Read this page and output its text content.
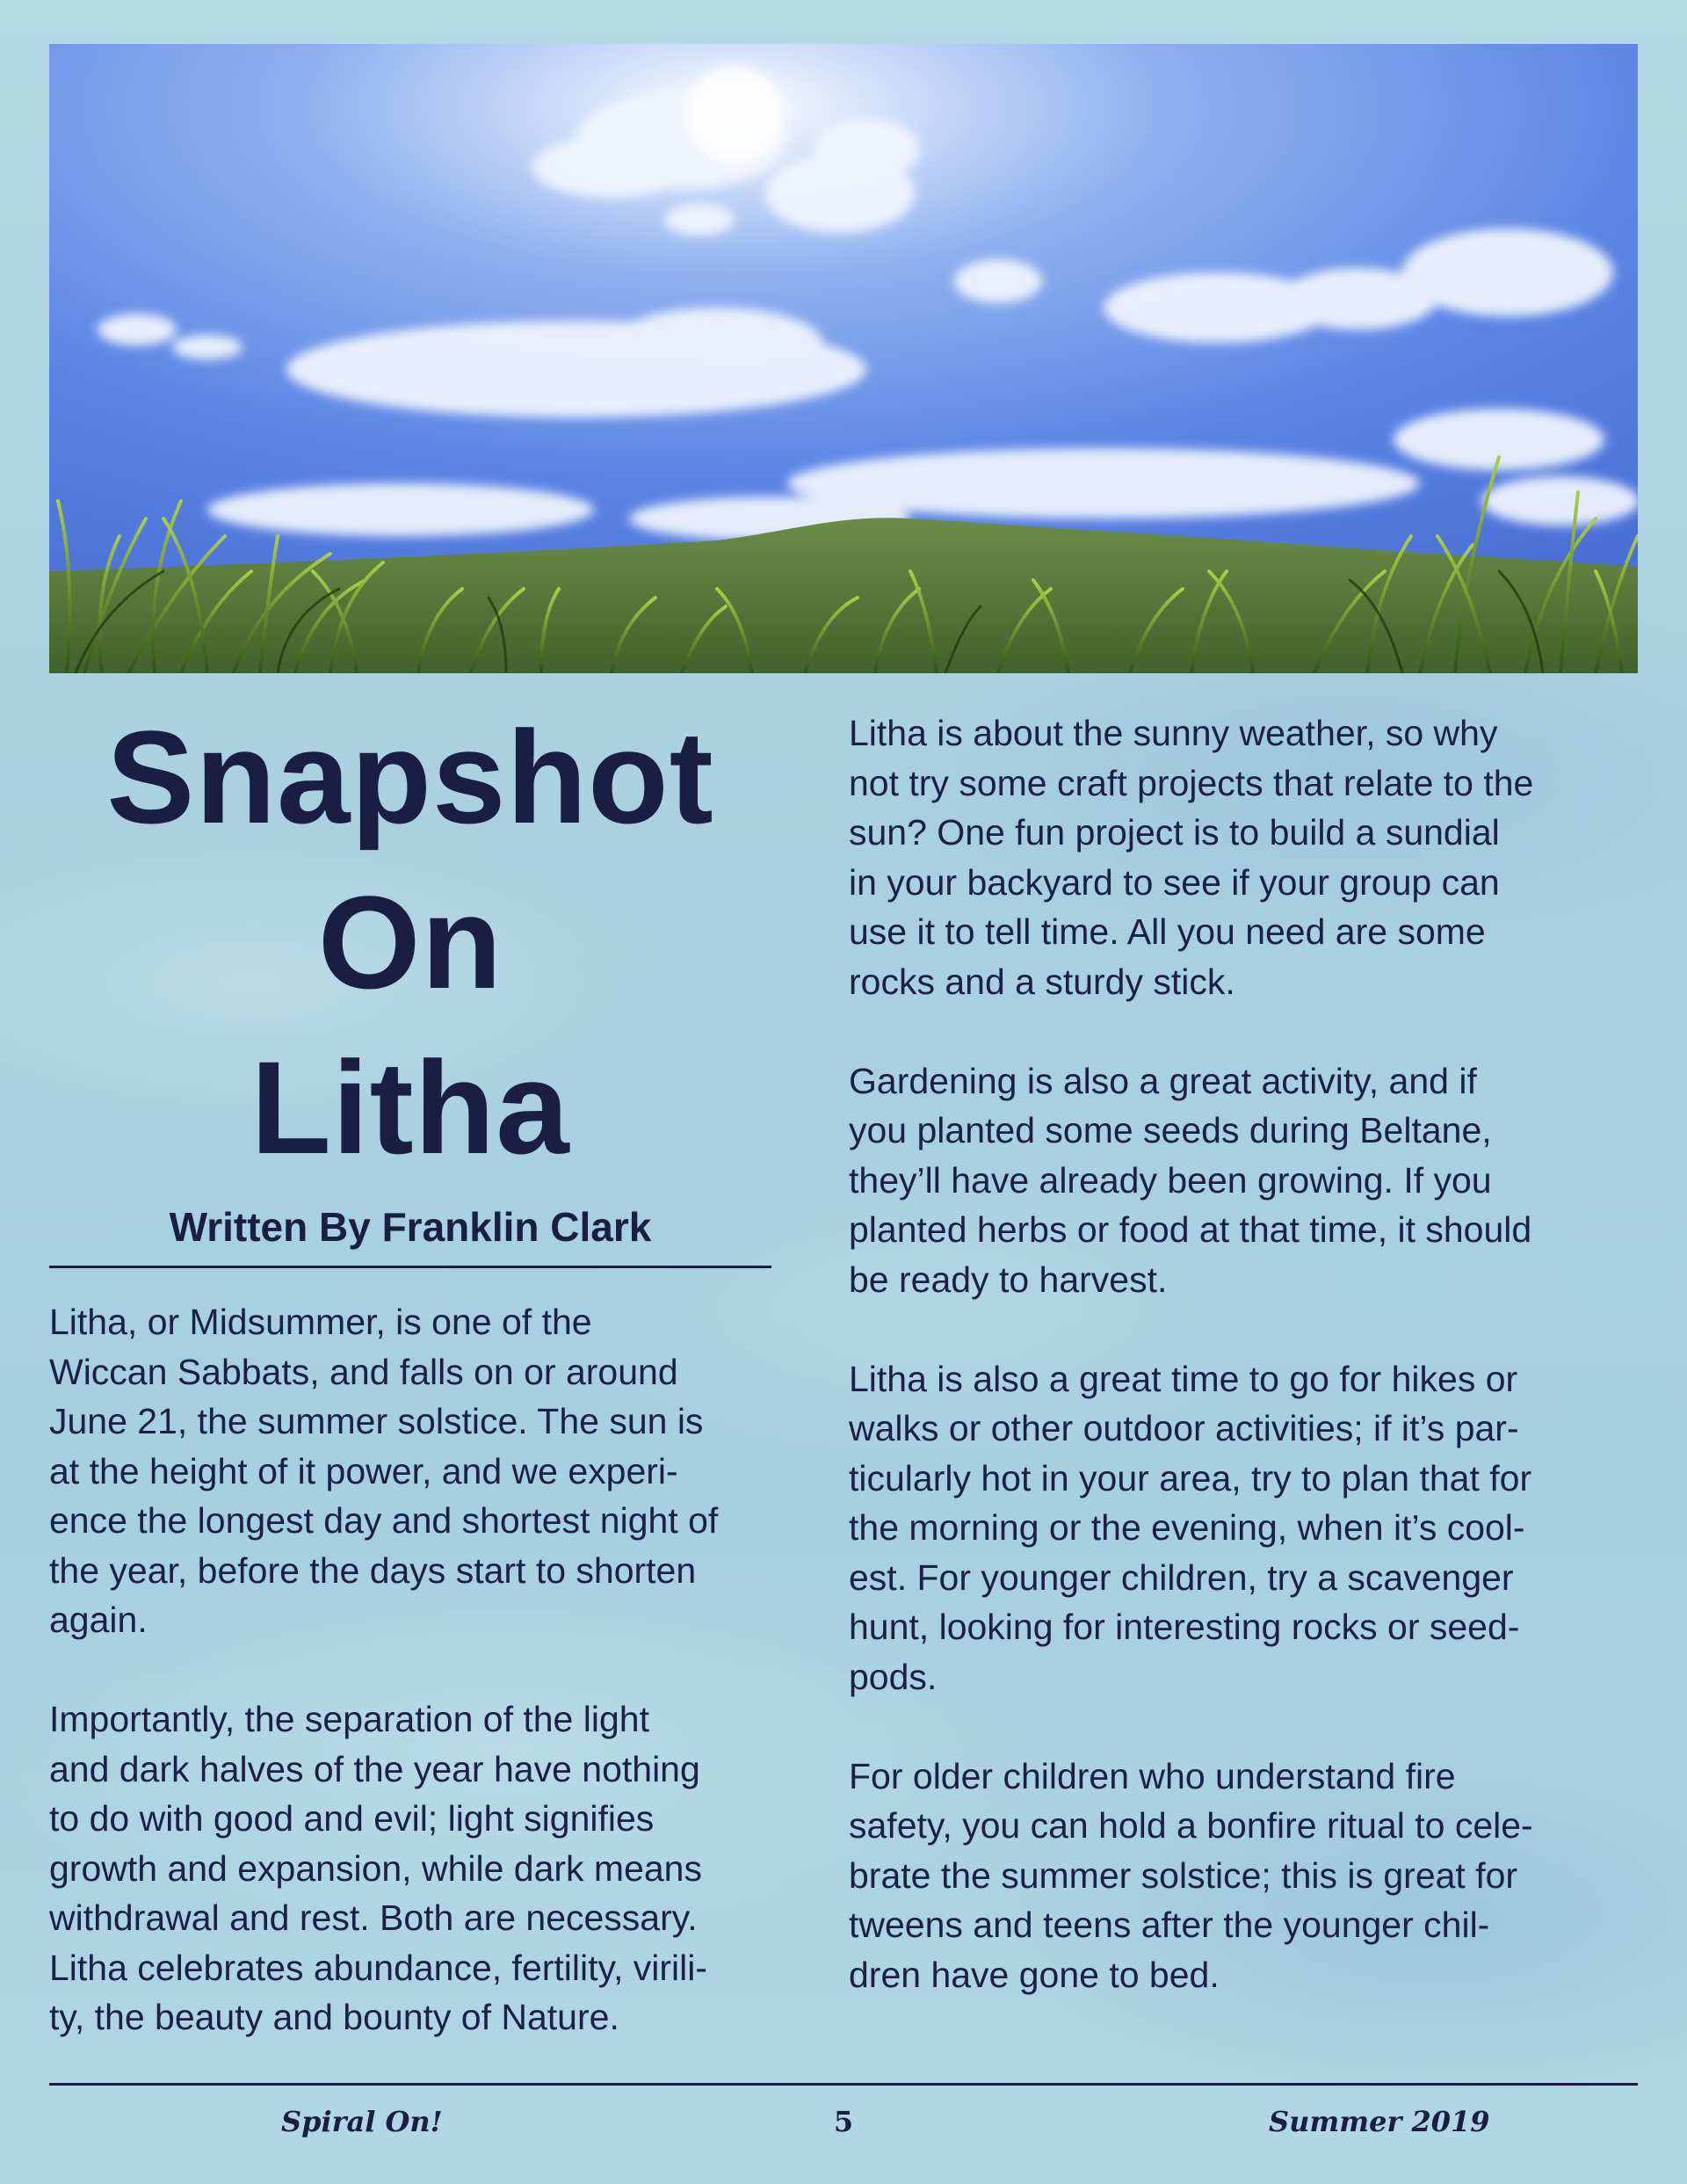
Snapshot
On
Litha
Written By Franklin Clark

Litha, or Midsummer, is one of the
Wiccan Sabbats, and falls on or around
June 21, the summer solstice. The sun is
at the height of it power, and we experi-
ence the longest day and shortest night of
the year, before the days start to shorten
again.

Importantly, the separation of the light
and dark halves of the year have nothing
to do with good and evil; light signifies
growth and expansion, while dark means
withdrawal and rest. Both are necessary.
Litha celebrates abundance, fertility, virili-
ty, the beauty and bounty of Nature.

Litha is about the sunny weather, so why
not try some craft projects that relate to the
sun? One fun project is to build a sundial
in your backyard to see if your group can
use it to tell time. All you need are some
rocks and a sturdy stick.

Gardening is also a great activity, and if
you planted some seeds during Beltane,
they’ll have already been growing. If you
planted herbs or food at that time, it should
be ready to harvest.

Litha is also a great time to go for hikes or
walks or other outdoor activities; if it’s par-
ticularly hot in your area, try to plan that for
the morning or the evening, when it’s cool-
est. For younger children, try a scavenger
hunt, looking for interesting rocks or seed-
pods.

For older children who understand fire
safety, you can hold a bonfire ritual to cele-
brate the summer solstice; this is great for
tweens and teens after the younger chil-
dren have gone to bed.

Spiral On!	5	Summer 2019
